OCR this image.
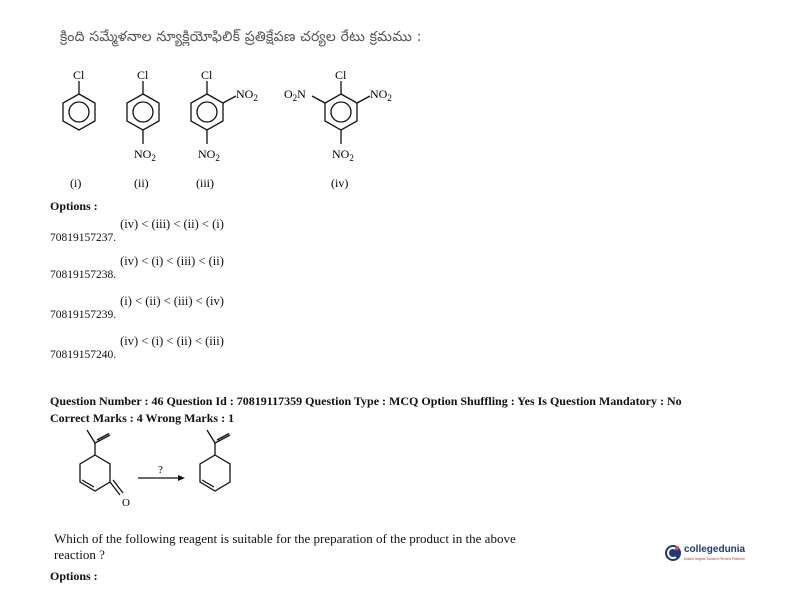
క్రింది సమ్మేళనాల న్యూక్లియోఫిలిక్ ప్రతిక్షేపణ చర్యల రేటు క్రమము :
Cl	Cl
$NO_2$
Cl
$NO_2$
$NO_2$
Cl
$O_2N$	$NO_2$
$NO_2$
(i)	(ii)	(iii)	(iv)
Options :
70819157237.(iv) < (iii) < (ii) < (i)
70819157238.(iv) < (i) < (iii) < (ii)
70819157239.(i) < (ii) < (iii) < (iv)
70819157240.(iv) < (i) < (ii) < (iii)
Question Number : 46 Question Id : 70819117359 Question Type : MCQ Option Shuffling : Yes Is Question Mandatory : No
Correct Marks : 4 Wrong Marks : 1
O
?
Which of the following reagent is suitable for the preparation of the product in the above
reaction ?
Options :
collegedunia
India's largest Student Review Platform
